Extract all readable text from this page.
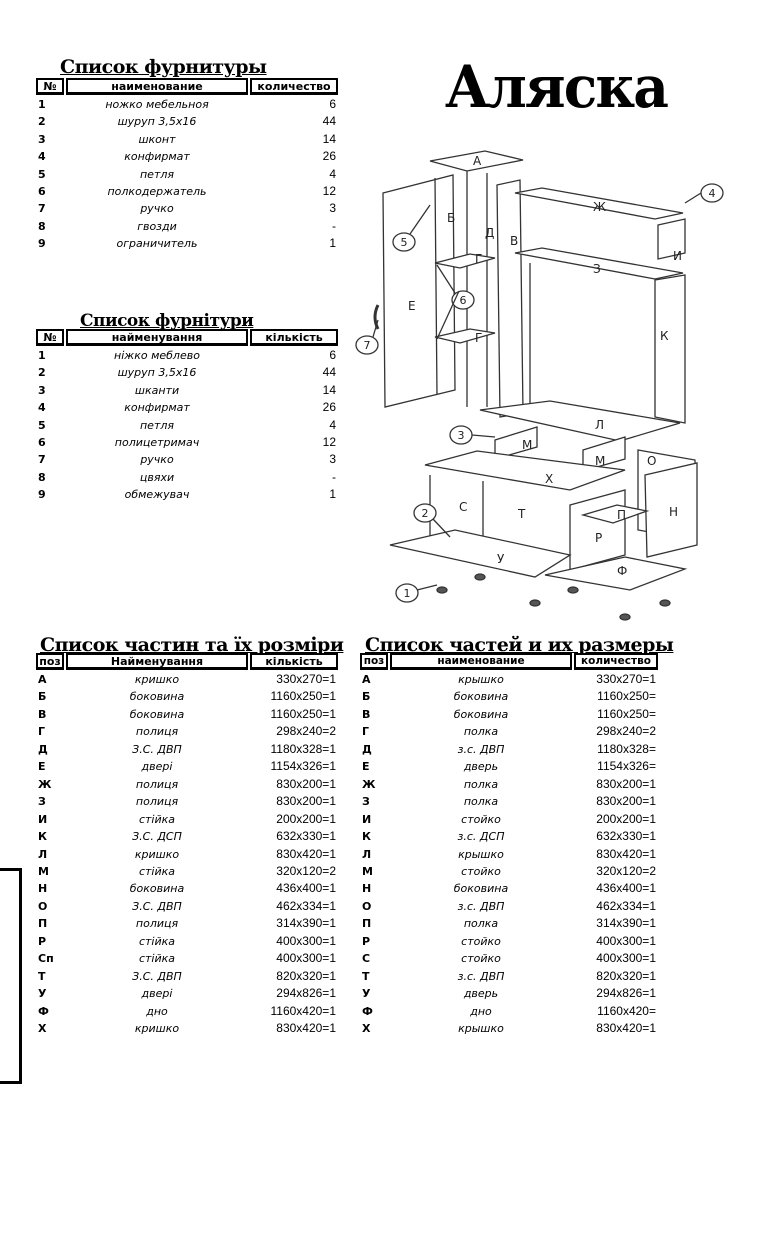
Аляска
Список фурнитуры
№	наименование	количество
1	ножко мебельноя	6
2	шуруп 3,5х16	44
3	шконт	14
4	конфирмат	26
5	петля	4
6	полкодержатель	12
7	ручко	3
8	гвозди	-
9	ограничитель	1
Список фурнітури
№	найменування	кількість
1	ніжко меблево	6
2	шуруп 3,5х16	44
3	шканти	14
4	конфирмат	26
5	петля	4
6	полицетримач	12
7	ручко	3
8	цвяхи	-
9	обмежувач	1
Список частин та їх розміри
поз	Найменування	кількість
А	кришко	330x270=1
Б	боковина	1160x250=1
В	боковина	1160x250=1
Г	полиця	298x240=2
Д	З.С. ДВП	1180x328=1
Е	двері	1154x326=1
Ж	полиця	830x200=1
З	полиця	830x200=1
И	стійка	200x200=1
К	З.С. ДСП	632x330=1
Л	кришко	830x420=1
М	стійка	320x120=2
Н	боковина	436x400=1
О	З.С. ДВП	462x334=1
П	полиця	314x390=1
Р	стійка	400x300=1
Сп	стійка	400x300=1
Т	З.С. ДВП	820x320=1
У	двері	294x826=1
Ф	дно	1160x420=1
Х	кришко	830x420=1
Список частей и их размеры
поз	наименование	количество
А	крышко	330x270=1
Б	боковина	1160x250=
В	боковина	1160x250=
Г	полка	298x240=2
Д	з.с. ДВП	1180x328=
Е	дверь	1154x326=
Ж	полка	830x200=1
З	полка	830x200=1
И	стойко	200x200=1
К	з.с. ДСП	632x330=1
Л	крышко	830x420=1
М	стойко	320x120=2
Н	боковина	436x400=1
О	з.с. ДВП	462x334=1
П	полка	314x390=1
Р	стойко	400x300=1
С	стойко	400x300=1
Т	з.с. ДВП	820x320=1
У	дверь	294x826=1
Ф	дно	1160x420=
Х	крышко	830x420=1
А
Б
В
Г
Г
Д
Е
Ж
З
И
К
Л
М
М
Н
О
П
Р
С	Т
У
Ф
Х
1
2
3
4
5
6
7
